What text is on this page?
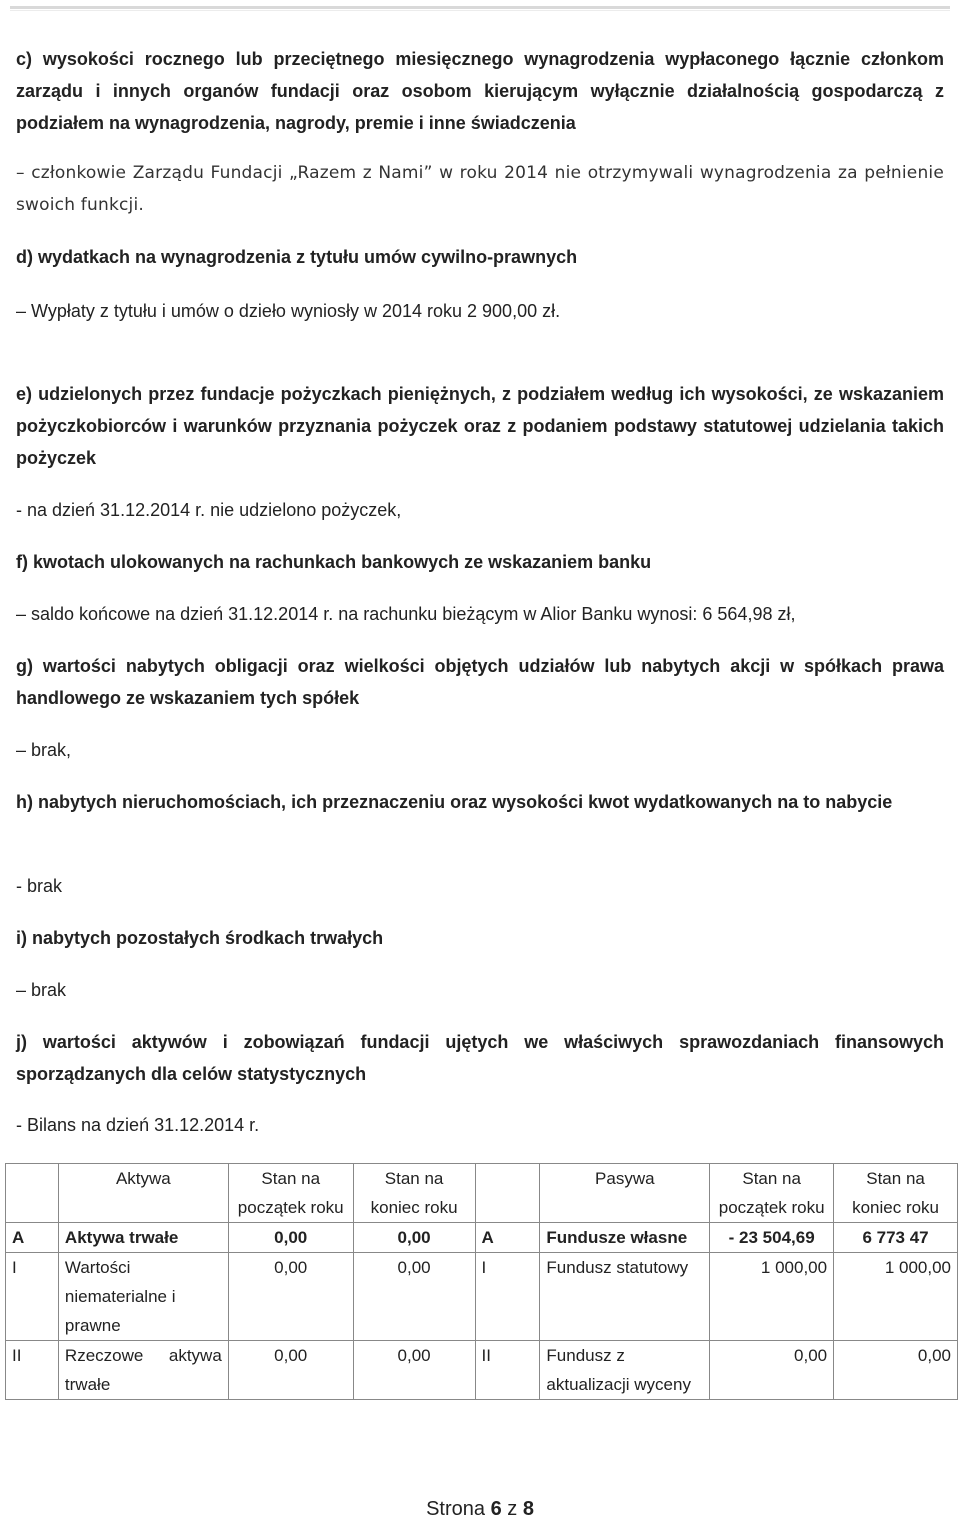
c) wysokości rocznego lub przeciętnego miesięcznego wynagrodzenia wypłaconego łącznie członkom zarządu i innych organów fundacji oraz osobom kierującym wyłącznie działalnością gospodarczą z podziałem na wynagrodzenia, nagrody, premie i inne świadczenia
– członkowie Zarządu Fundacji „Razem z Nami” w roku 2014 nie otrzymywali wynagrodzenia za pełnienie swoich funkcji.
d) wydatkach na wynagrodzenia z tytułu umów cywilno-prawnych
– Wypłaty z tytułu i umów o dzieło wyniosły w 2014 roku 2 900,00 zł.
e) udzielonych przez fundacje pożyczkach pieniężnych, z podziałem według ich wysokości, ze wskazaniem pożyczkobiorców i warunków przyznania pożyczek oraz z podaniem podstawy statutowej udzielania takich pożyczek
- na dzień 31.12.2014 r. nie udzielono pożyczek,
f) kwotach ulokowanych na rachunkach bankowych ze wskazaniem banku
– saldo końcowe na dzień 31.12.2014 r. na rachunku bieżącym w Alior Banku wynosi: 6 564,98 zł,
g) wartości nabytych obligacji oraz wielkości objętych udziałów lub nabytych akcji w spółkach prawa handlowego ze wskazaniem tych spółek
– brak,
h) nabytych nieruchomościach, ich przeznaczeniu oraz wysokości kwot wydatkowanych na to nabycie
- brak
i) nabytych pozostałych środkach trwałych
– brak
j) wartości aktywów i zobowiązań fundacji ujętych we właściwych sprawozdaniach finansowych sporządzanych dla celów statystycznych
- Bilans na dzień 31.12.2014 r.
	Aktywa	Stan na początek roku	Stan na koniec roku		Pasywa	Stan na początek roku	Stan na koniec roku
A	Aktywa trwałe	0,00	0,00	A	Fundusze własne	- 23 504,69	6 773 47
I	Wartości niematerialne i prawne	0,00	0,00	I	Fundusz statutowy	1 000,00	1 000,00
II	Rzeczowe aktywa trwałe	0,00	0,00	II	Fundusz z aktualizacji wyceny	0,00	0,00
Strona 6 z 8
